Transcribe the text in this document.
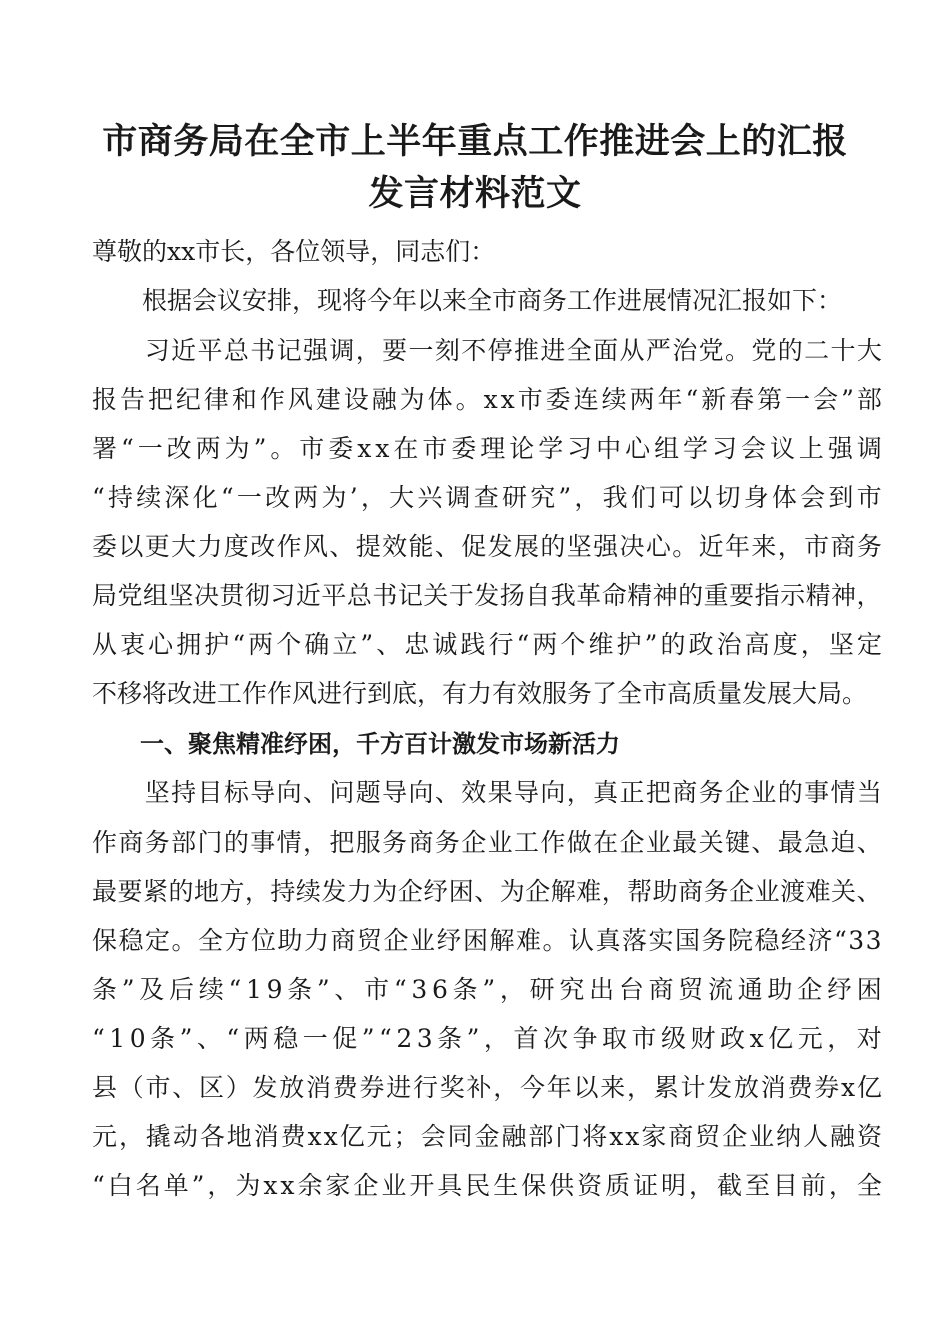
市商务局在全市上半年重点工作推进会上的汇报
发言材料范文
尊敬的xx市长，各位领导，同志们：
　　根据会议安排，现将今年以来全市商务工作进展情况汇报如下：

习 近 平 总 书 记 强 调 ， 要 一 刻 不 停 推 进 全 面 从 严 治 党 。 党 的 二 十 大
报 告 把 纪 律 和 作 风 建 设 融 为 体 。 x x 市 委 连 续 两 年 “ 新 春 第 一 会 ” 部
署 “ 一 改 两 为 ” 。 市 委 x x 在 市 委 理 论 学 习 中 心 组 学 习 会 议 上 强 调
“ 持 续 深 化 “ 一 改 两 为 ’ ， 大 兴 调 查 研 究 ” ， 我 们 可 以 切 身 体 会 到 市
委 以 更 大 力 度 改 作 风 、 提 效 能 、 促 发 展 的 坚 强 决 心 。 近 年 来 ， 市 商 务
局 党 组 坚 决 贯 彻 习 近 平 总 书 记 关 于 发 扬 自 我 革 命 精 神 的 重 要 指 示 精 神 ，
从 衷 心 拥 护 “ 两 个 确 立 ” 、 忠 诚 践 行 “ 两 个 维 护 ” 的 政 治 高 度 ， 坚 定
不移将改进工作作风进行到底，有力有效服务了全市高质量发展大局。
　　一、聚焦精准纾困，千方百计激发市场新活力

坚 持 目 标 导 向 、 问 题 导 向 、 效 果 导 向 ， 真 正 把 商 务 企 业 的 事 情 当
作 商 务 部 门 的 事 情 ， 把 服 务 商 务 企 业 工 作 做 在 企 业 最 关 键 、 最 急 迫 、
最 要 紧 的 地 方 ， 持 续 发 力 为 企 纾 困 、 为 企 解 难 ， 帮 助 商 务 企 业 渡 难 关 、
保 稳 定 。 全 方 位 助 力 商 贸 企 业 纾 困 解 难 。 认 真 落 实 国 务 院 稳 经 济 “ 3 3
条 ” 及 后 续 “ 1 9 条 ” 、 市 “ 3 6 条 ” ， 研 究 出 台 商 贸 流 通 助 企 纾 困
“ 1 0 条 ” 、 “ 两 稳 一 促 ” “ 2 3 条 ” ， 首 次 争 取 市 级 财 政 x 亿 元 ， 对
县 （ 市 、 区 ） 发 放 消 费 券 进 行 奖 补 ， 今 年 以 来 ， 累 计 发 放 消 费 券 x 亿
元 ， 撬 动 各 地 消 费 x x 亿 元 ； 会 同 金 融 部 门 将 x x 家 商 贸 企 业 纳 人 融 资
“ 白 名 单 ” ， 为 x x 余 家 企 业 开 具 民 生 保 供 资 质 证 明 ， 截 至 目 前 ， 全
